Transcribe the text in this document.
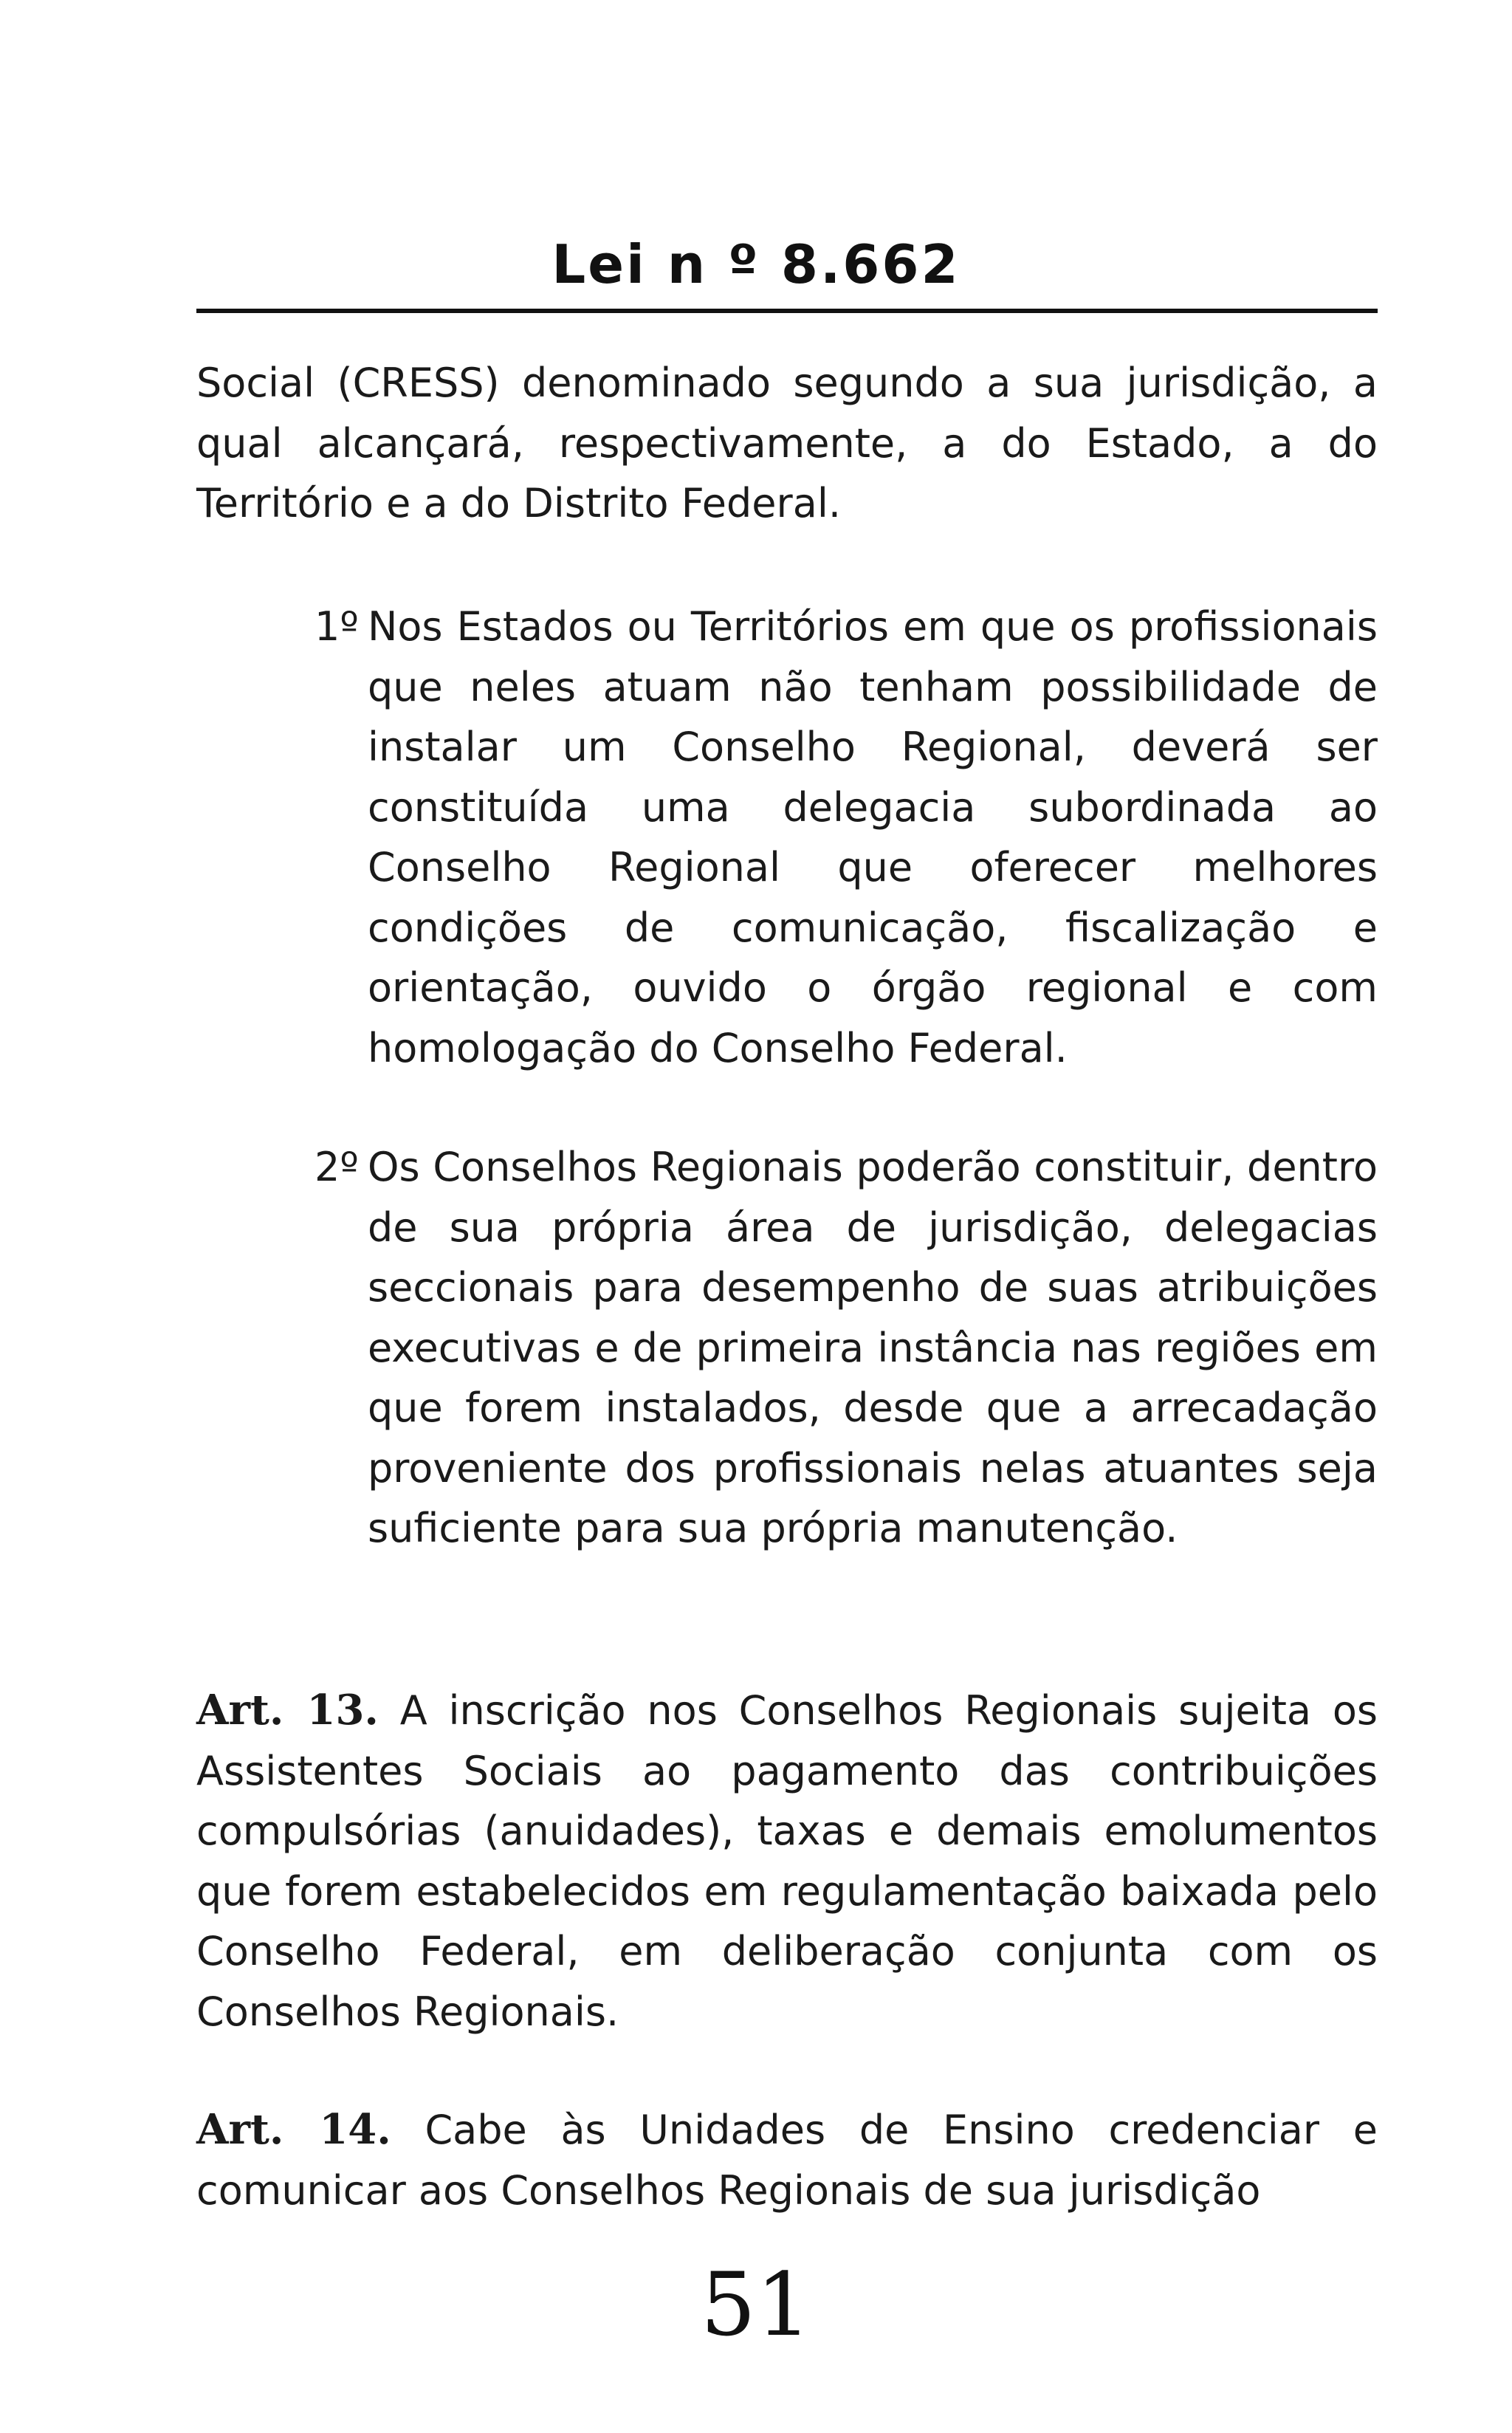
Lei n º 8.662

Social (CRESS) denominado segundo a sua jurisdição, a qual alcançará, respectivamente, a do Estado, a do Território e a do Distrito Federal.

1º Nos Estados ou Territórios em que os profissionais que neles atuam não tenham possibilidade de instalar um Conselho Regional, deverá ser constituída uma delegacia subordinada ao Conselho Regional que oferecer melhores condições de comunicação, fiscalização e orientação, ouvido o órgão regional e com homologação do Conselho Federal.

2º Os Conselhos Regionais poderão constituir, dentro de sua própria área de jurisdição, delegacias seccionais para desempenho de suas atribuições executivas e de primeira instância nas regiões em que forem instalados, desde que a arrecadação proveniente dos profissionais nelas atuantes seja suficiente para sua própria manutenção.

Art. 13. A inscrição nos Conselhos Regionais sujeita os Assistentes Sociais ao pagamento das contribuições compulsórias (anuidades), taxas e demais emolumentos que forem estabelecidos em regulamentação baixada pelo Conselho Federal, em deliberação conjunta com os Conselhos Regionais.

Art. 14. Cabe às Unidades de Ensino credenciar e comunicar aos Conselhos Regionais de sua jurisdição

51
